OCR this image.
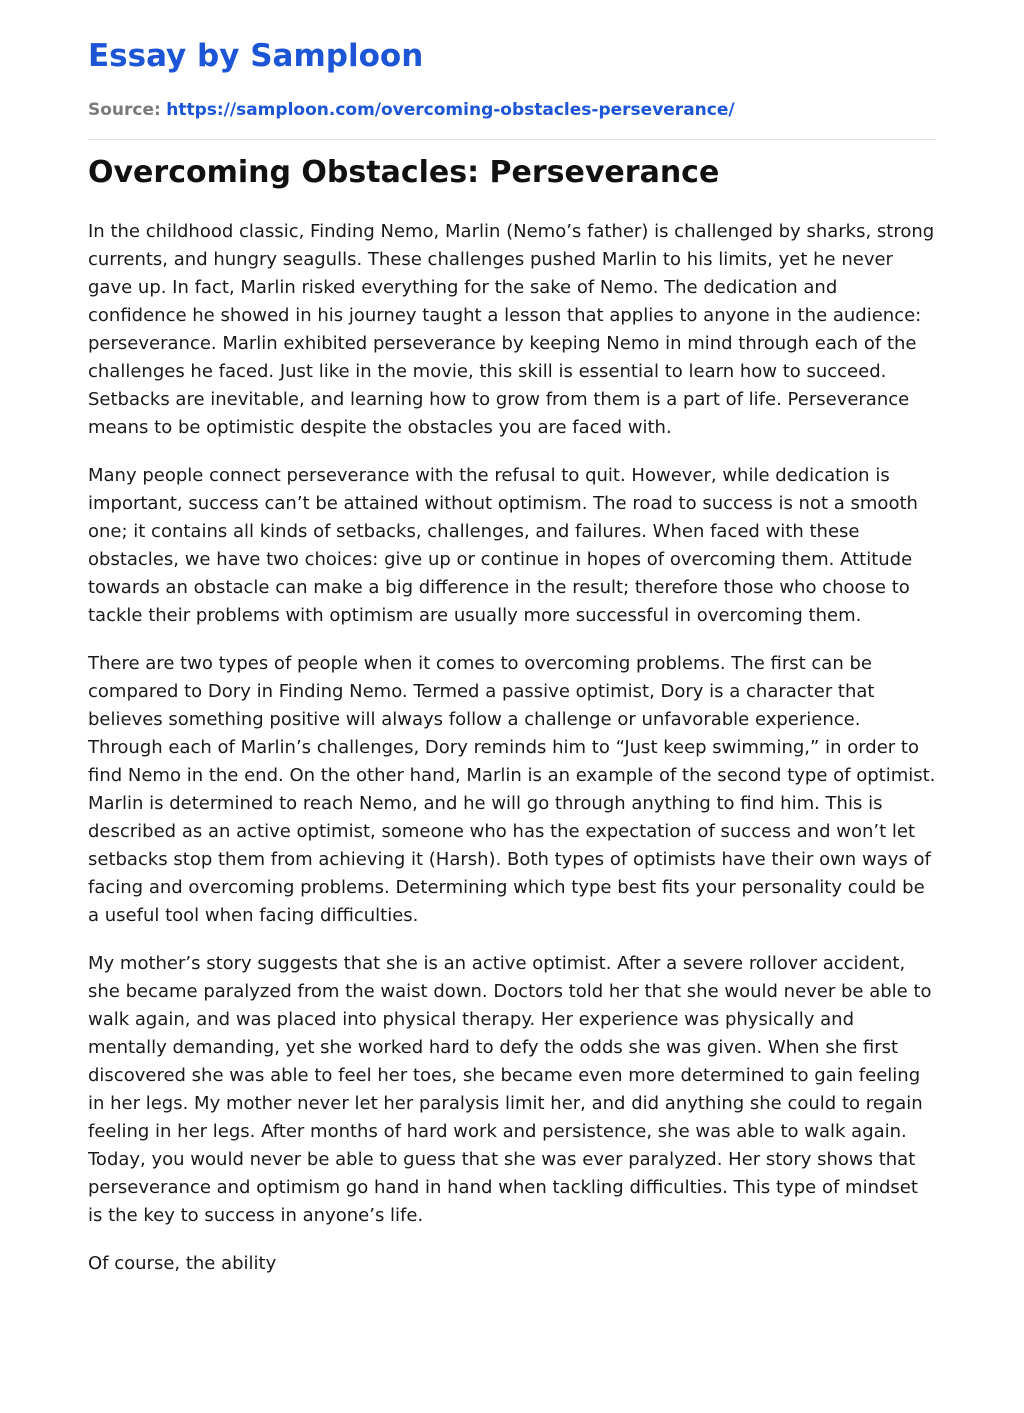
Essay by Samploon
Source: https://samploon.com/overcoming-obstacles-perseverance/
Overcoming Obstacles: Perseverance

In the childhood classic, Finding Nemo, Marlin (Nemo’s father) is challenged by sharks, strong currents, and hungry seagulls. These challenges pushed Marlin to his limits, yet he never gave up. In fact, Marlin risked everything for the sake of Nemo. The dedication and confidence he showed in his journey taught a lesson that applies to anyone in the audience: perseverance. Marlin exhibited perseverance by keeping Nemo in mind through each of the challenges he faced. Just like in the movie, this skill is essential to learn how to succeed. Setbacks are inevitable, and learning how to grow from them is a part of life. Perseverance means to be optimistic despite the obstacles you are faced with.

Many people connect perseverance with the refusal to quit. However, while dedication is important, success can’t be attained without optimism. The road to success is not a smooth one; it contains all kinds of setbacks, challenges, and failures. When faced with these obstacles, we have two choices: give up or continue in hopes of overcoming them. Attitude towards an obstacle can make a big difference in the result; therefore those who choose to tackle their problems with optimism are usually more successful in overcoming them.

There are two types of people when it comes to overcoming problems. The first can be compared to Dory in Finding Nemo. Termed a passive optimist, Dory is a character that believes something positive will always follow a challenge or unfavorable experience. Through each of Marlin’s challenges, Dory reminds him to “Just keep swimming,” in order to find Nemo in the end. On the other hand, Marlin is an example of the second type of optimist. Marlin is determined to reach Nemo, and he will go through anything to find him. This is described as an active optimist, someone who has the expectation of success and won’t let setbacks stop them from achieving it (Harsh). Both types of optimists have their own ways of facing and overcoming problems. Determining which type best fits your personality could be a useful tool when facing difficulties.

My mother’s story suggests that she is an active optimist. After a severe rollover accident, she became paralyzed from the waist down. Doctors told her that she would never be able to walk again, and was placed into physical therapy. Her experience was physically and mentally demanding, yet she worked hard to defy the odds she was given. When she first discovered she was able to feel her toes, she became even more determined to gain feeling in her legs. My mother never let her paralysis limit her, and did anything she could to regain feeling in her legs. After months of hard work and persistence, she was able to walk again. Today, you would never be able to guess that she was ever paralyzed. Her story shows that perseverance and optimism go hand in hand when tackling difficulties. This type of mindset is the key to success in anyone’s life.

Of course, the ability
